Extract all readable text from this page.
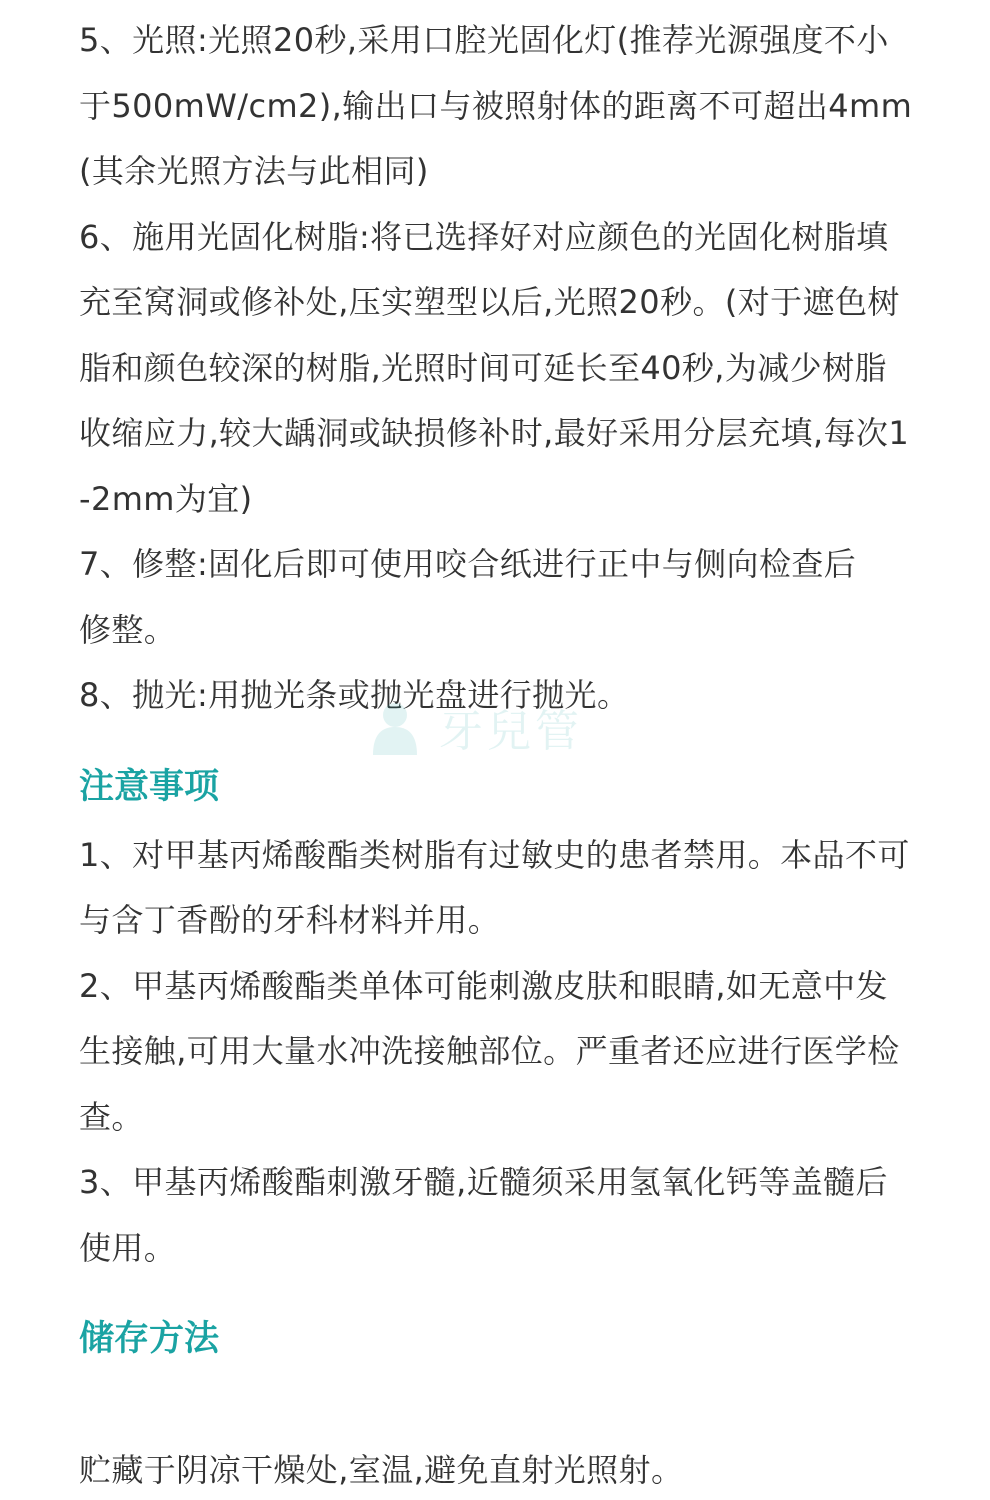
5、光照:光照20秒,采用口腔光固化灯(推荐光源强度不小于500mW/cm2),输出口与被照射体的距离不可超出4mm(其余光照方法与此相同)

6、施用光固化树脂:将已选择好对应颜色的光固化树脂填充至窝洞或修补处,压实塑型以后,光照20秒。(对于遮色树脂和颜色较深的树脂,光照时间可延长至40秒,为减少树脂收缩应力,较大龋洞或缺损修补时,最好采用分层充填,每次1-2mm为宜)

7、修整:固化后即可使用咬合纸进行正中与侧向检查后

修整。

8、抛光:用抛光条或抛光盘进行抛光。

注意事项

1、对甲基丙烯酸酯类树脂有过敏史的患者禁用。本品不可与含丁香酚的牙科材料并用。

2、甲基丙烯酸酯类单体可能刺激皮肤和眼睛,如无意中发生接触,可用大量水冲洗接触部位。严重者还应进行医学检查。

3、甲基丙烯酸酯刺激牙髓,近髓须采用氢氧化钙等盖髓后使用。

储存方法
贮藏于阴凉干燥处,室温,避免直射光照射。
牙兒管
